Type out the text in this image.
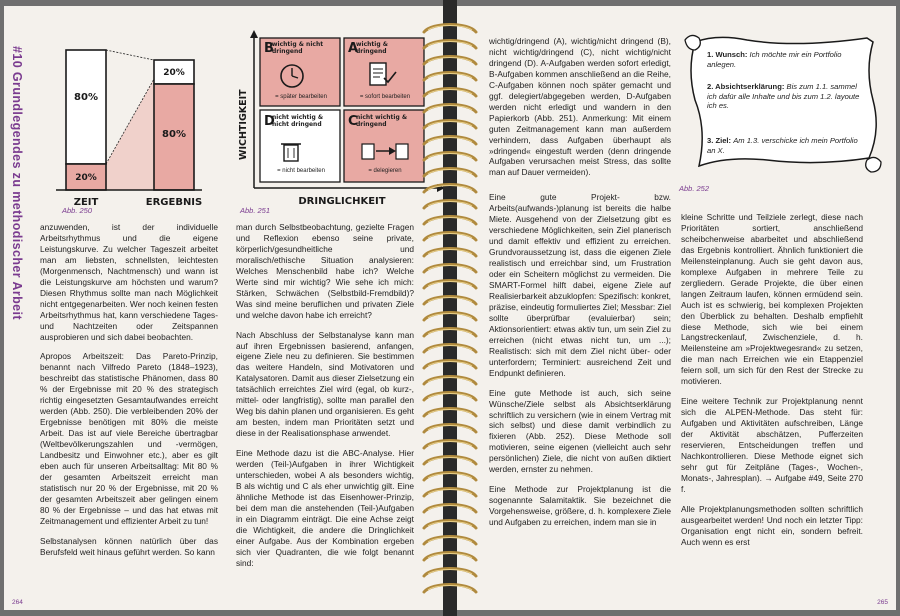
#10 Grundlegendes zu methodischer Arbeit	80%
20%
20%
80%
ZEIT	ERGEBNIS
Abb. 250
B	A
D	C
WICHTIGKEIT
DRINGLICHKEIT
wichtig & nicht dringend
wichtig & dringend
nicht wichtig & nicht dringend
nicht wichtig & dringend
= später bearbeiten	= sofort bearbeiten
= nicht bearbeiten	= delegieren
Abb. 251

anzuwenden, ist der individuelle Arbeitsrhythmus und die eigene Leistungskurve. Zu welcher Tageszeit arbeitet man am liebsten, schnellsten, leichtesten (Morgenmensch, Nachtmensch) und wann ist die Leistungskurve am höchsten und warum? Diesen Rhythmus sollte man nach Möglichkeit nicht entgegenarbeiten. Wer noch keinen festen Arbeitsrhythmus hat, kann verschiedene Tages- und Nachtzeiten oder Zeitspannen ausprobieren und sich dabei beobachten.

Apropos Arbeitszeit: Das Pareto-Prinzip, benannt nach Vilfredo Pareto (1848–1923), beschreibt das statistische Phänomen, dass 80 % der Ergebnisse mit 20 % des strategisch richtig eingesetzten Gesamtaufwandes erreicht werden (Abb. 250). Die verbleibenden 20% der Ergebnisse benötigen mit 80% die meiste Arbeit. Das ist auf viele Bereiche übertragbar (Weltbevölkerungszahlen und -vermögen, Landbesitz und Einwohner etc.), aber es gilt eben auch für unseren Arbeitsalltag: Mit 80 % der gesamten Arbeitszeit erreicht man statistisch nur 20 % der Ergebnisse, mit 20 % der gesamten Arbeitszeit aber gelingen einem 80 % der Ergebnisse – und das hat etwas mit Zeitmanagement und effizienter Arbeit zu tun!

Selbstanalysen können natürlich über das Berufsfeld weit hinaus geführt werden. So kann

man durch Selbstbeobachtung, gezielte Fragen und Reflexion ebenso seine private, körperlich/gesundheitliche und moralisch/ethische Situation analysieren: Welches Menschenbild habe ich? Welche Werte sind mir wichtig? Wie sehe ich mich: Stärken, Schwächen (Selbstbild-Fremdbild)? Was sind meine beruflichen und privaten Ziele und welche davon habe ich erreicht?

Nach Abschluss der Selbstanalyse kann man auf ihren Ergebnissen basierend, anfangen, eigene Ziele neu zu definieren. Sie bestimmen das weitere Handeln, sind Motivatoren und Katalysatoren. Damit aus dieser Zielsetzung ein tatsächlich erreichtes Ziel wird (egal, ob kurz-, mittel- oder langfristig), sollte man parallel den Weg bis dahin planen und organisieren. Es geht am besten, indem man Prioritäten setzt und diese in der Realisationsphase anwendet.

Eine Methode dazu ist die ABC-Analyse. Hier werden (Teil-)Aufgaben in ihrer Wichtigkeit unterschieden, wobei A als besonders wichtig, B als wichtig und C als eher unwichtig gilt. Eine ähnliche Methode ist das Eisenhower-Prinzip, bei dem man die anstehenden (Teil-)Aufgaben in ein Diagramm einträgt. Die eine Achse zeigt die Wichtigkeit, die andere die Dringlichkeit einer Aufgabe. Aus der Kombination ergeben sich vier Quadranten, die wie folgt benannt sind:

264

wichtig/dringend (A), wichtig/nicht dringend (B), nicht wichtig/dringend (C), nicht wichtig/nicht dringend (D). A-Aufgaben werden sofort erledigt, B-Aufgaben kommen anschließend an die Reihe, C-Aufgaben können noch später gemacht und ggf. delegiert/abgegeben werden, D-Aufgaben werden nicht erledigt und wandern in den Papierkorb (Abb. 251). Anmerkung: Mit einem guten Zeitmanagement kann man außerdem verhindern, dass Aufgaben überhaupt als »dringend« eingestuft werden (denn dringende Aufgaben verursachen meist Stress, das sollte man auf Dauer vermeiden).

Eine gute Projekt- bzw. Arbeits(aufwands-)planung ist bereits die halbe Miete. Ausgehend von der Zielsetzung gibt es verschiedene Möglichkeiten, sein Ziel planerisch und damit effektiv und effizient zu erreichen. Grundvoraussetzung ist, dass die eigenen Ziele realistisch und erreichbar sind, um Frustration oder ein Scheitern möglichst zu vermeiden. Die SMART-Formel hilft dabei, eigene Ziele auf Realisierbarkeit abzuklopfen: Spezifisch: konkret, präzise, eindeutig formuliertes Ziel; Messbar: Ziel sollte überprüfbar (evaluierbar) sein; Aktionsorientiert: etwas aktiv tun, um sein Ziel zu erreichen (nicht etwas nicht tun, um ...); Realistisch: sich mit dem Ziel nicht über- oder unterfordern; Terminiert: ausreichend Zeit und Endpunkt definieren.

Eine gute Methode ist auch, sich seine Wünsche/Ziele selbst als Absichtserklärung schriftlich zu versichern (wie in einem Vertrag mit sich selbst) und diese damit verbindlich zu fixieren (Abb. 252). Diese Methode soll motivieren, seine eigenen (vielleicht auch sehr persönlichen) Ziele, die nicht von außen diktiert werden, ernster zu nehmen.

Eine Methode zur Projektplanung ist die sogenannte Salamitaktik. Sie bezeichnet die Vorgehensweise, größere, d. h. komplexere Ziele und Aufgaben zu erreichen, indem man sie in

1. Wunsch: Ich möchte mir ein Portfolio anlegen.
2. Absichtserklärung: Bis zum 1.1. sammel ich dafür alle Inhalte und bis zum 1.2. layoute ich es.
3. Ziel: Am 1.3. verschicke ich mein Portfolio an X.
Abb. 252

kleine Schritte und Teilziele zerlegt, diese nach Prioritäten sortiert, anschließend scheibchenweise abarbeitet und abschließend das Ergebnis kontrolliert. Ähnlich funktioniert die Meilensteinplanung. Auch sie geht davon aus, komplexe Aufgaben in mehrere Teile zu zergliedern. Gerade Projekte, die über einen langen Zeitraum laufen, können ermüdend sein. Auch ist es schwierig, bei komplexen Projekten den Überblick zu behalten. Deshalb empfiehlt diese Methode, sich wie bei einem Langstreckenlauf, Zwischenziele, d. h. Meilensteine am »Projektwegesrand« zu setzen, die man nach Erreichen wie ein Etappenziel feiern soll, um sich für den Rest der Strecke zu motivieren.

Eine weitere Technik zur Projektplanung nennt sich die ALPEN-Methode. Das steht für: Aufgaben und Aktivitäten aufschreiben, Länge der Aktivität abschätzen, Pufferzeiten reservieren, Entscheidungen treffen und Nachkontrollieren. Diese Methode eignet sich sehr gut für Zeitpläne (Tages-, Wochen-, Monats-, Jahresplan). → Aufgabe #49, Seite 270 f.

Alle Projektplanungsmethoden sollten schriftlich ausgearbeitet werden! Und noch ein letzter Tipp: Organisation engt nicht ein, sondern befreit. Auch wenn es erst

265
